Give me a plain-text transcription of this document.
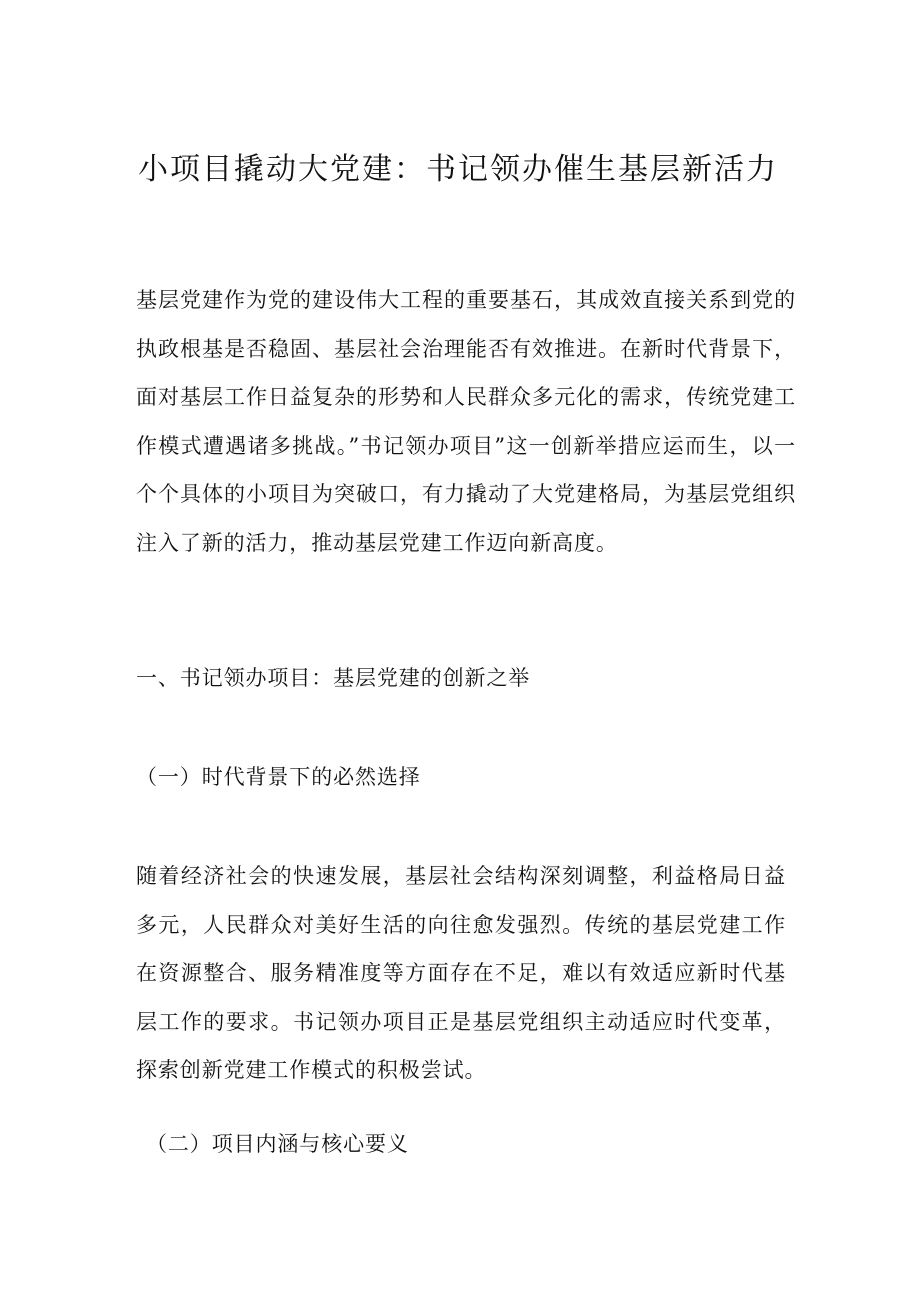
小项目撬动大党建：书记领办催生基层新活力

基层党建作为党的建设伟大工程的重要基石，其成效直接关系到党的执政根基是否稳固、基层社会治理能否有效推进。在新时代背景下，面对基层工作日益复杂的形势和人民群众多元化的需求，传统党建工作模式遭遇诸多挑战。”书记领办项目”这一创新举措应运而生，以一个个具体的小项目为突破口，有力撬动了大党建格局，为基层党组织注入了新的活力，推动基层党建工作迈向新高度。

一、书记领办项目：基层党建的创新之举
（一）时代背景下的必然选择

随着经济社会的快速发展，基层社会结构深刻调整，利益格局日益多元，人民群众对美好生活的向往愈发强烈。传统的基层党建工作在资源整合、服务精准度等方面存在不足，难以有效适应新时代基层工作的要求。书记领办项目正是基层党组织主动适应时代变革，探索创新党建工作模式的积极尝试。

（二）项目内涵与核心要义
